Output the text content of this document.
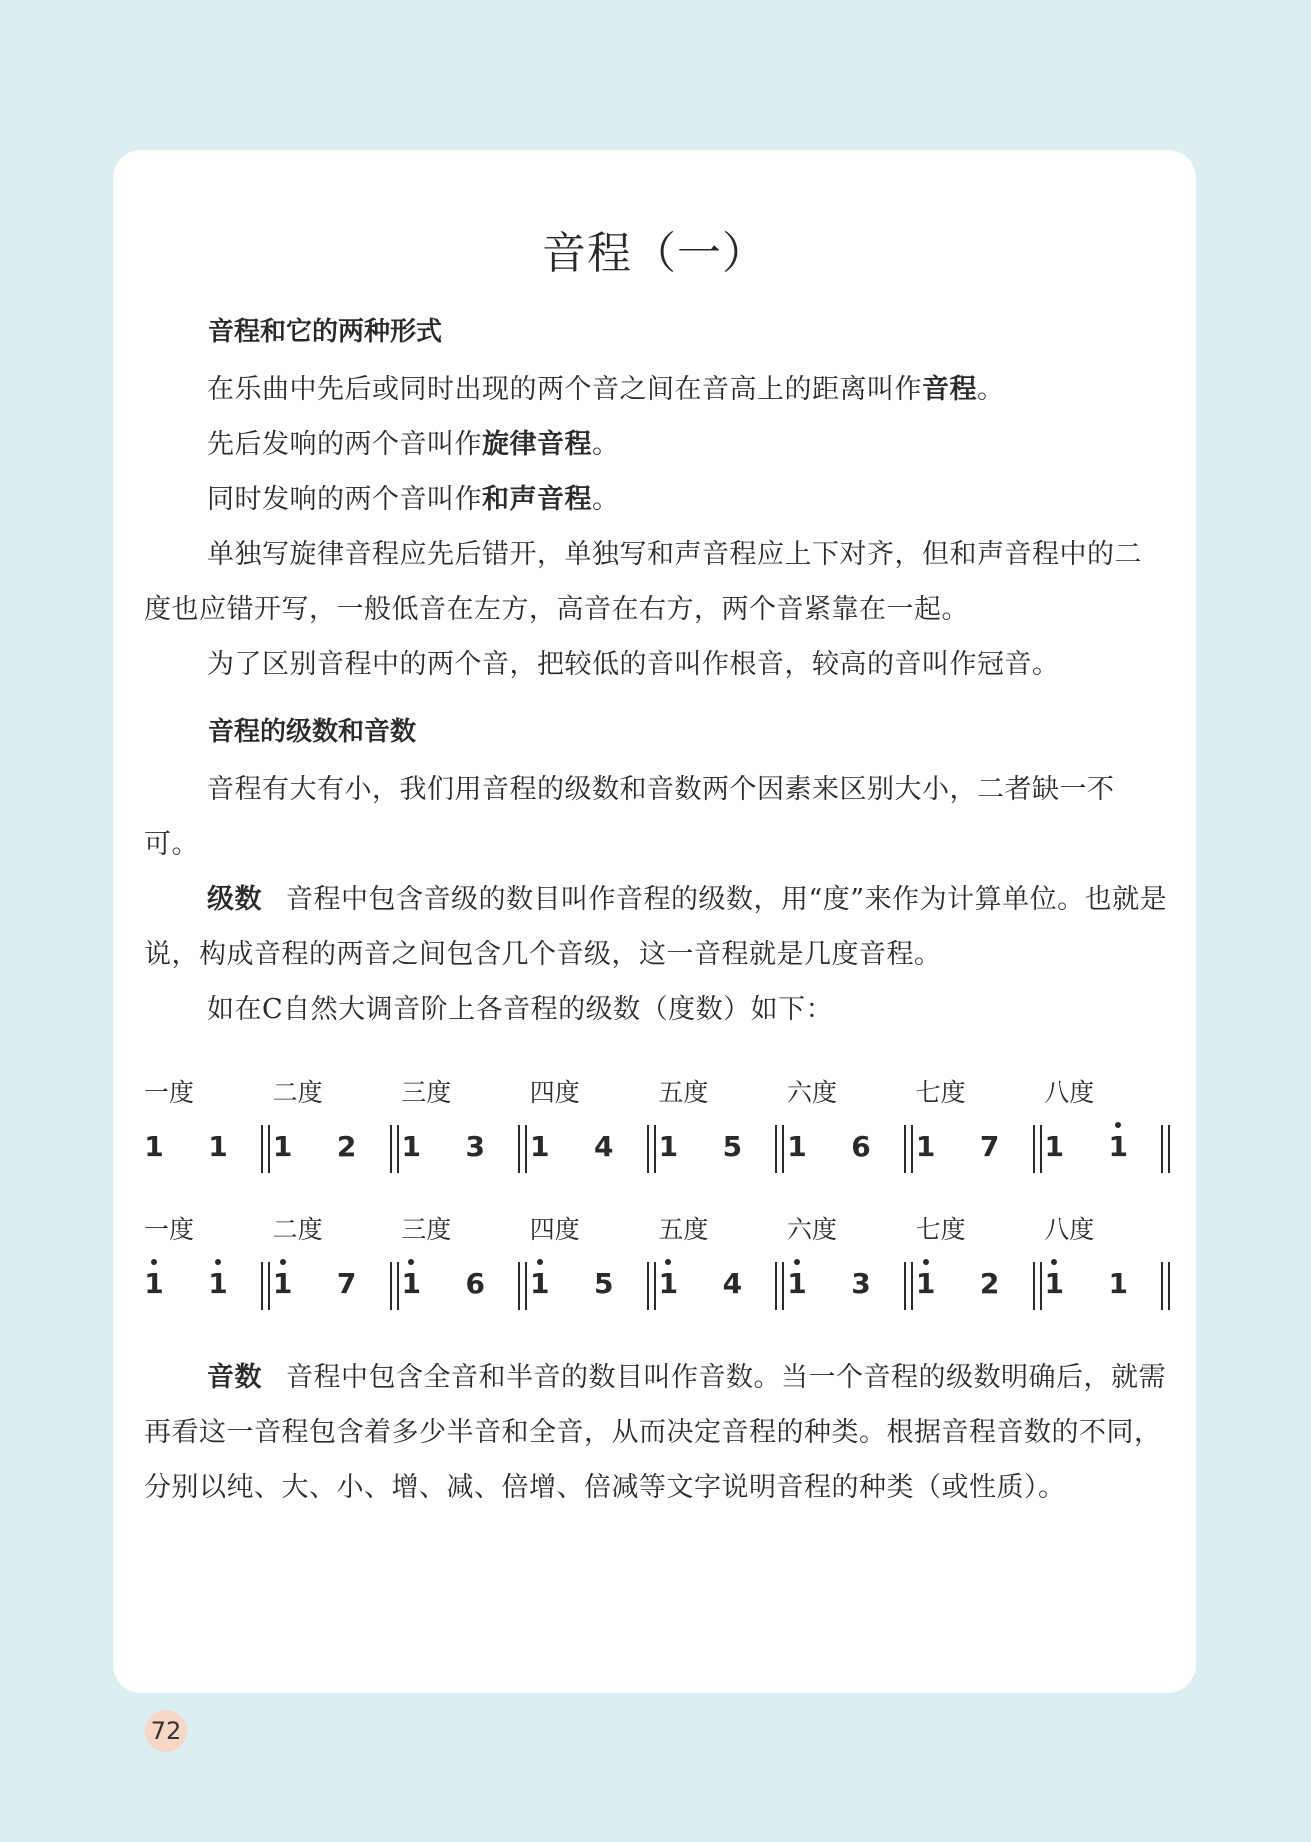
音程（一）
音程和它的两种形式

在乐曲中先后或同时出现的两个音之间在音高上的距离叫作音程。

先后发响的两个音叫作旋律音程。

同时发响的两个音叫作和声音程。

单独写旋律音程应先后错开，单独写和声音程应上下对齐，但和声音程中的二度也应错开写，一般低音在左方，高音在右方，两个音紧靠在一起。

为了区别音程中的两个音，把较低的音叫作根音，较高的音叫作冠音。

音程的级数和音数

音程有大有小，我们用音程的级数和音数两个因素来区别大小，二者缺一不可。

级数 音程中包含音级的数目叫作音程的级数，用“度”来作为计算单位。也就是说，构成音程的两音之间包含几个音级，这一音程就是几度音程。

如在C自然大调音阶上各音程的级数（度数）如下：

一度
1 1
二度
1 2
三度
1 3
四度
1 4
五度
1 5
六度
1 6
七度
1 7
八度
1 1
一度
1 1
二度
1 7
三度
1 6
四度
1 5
五度
1 4
六度
1 3
七度
1 2
八度
1 1

音数 音程中包含全音和半音的数目叫作音数。当一个音程的级数明确后，就需再看这一音程包含着多少半音和全音，从而决定音程的种类。根据音程音数的不同，分别以纯、大、小、增、减、倍增、倍减等文字说明音程的种类（或性质）。

72
